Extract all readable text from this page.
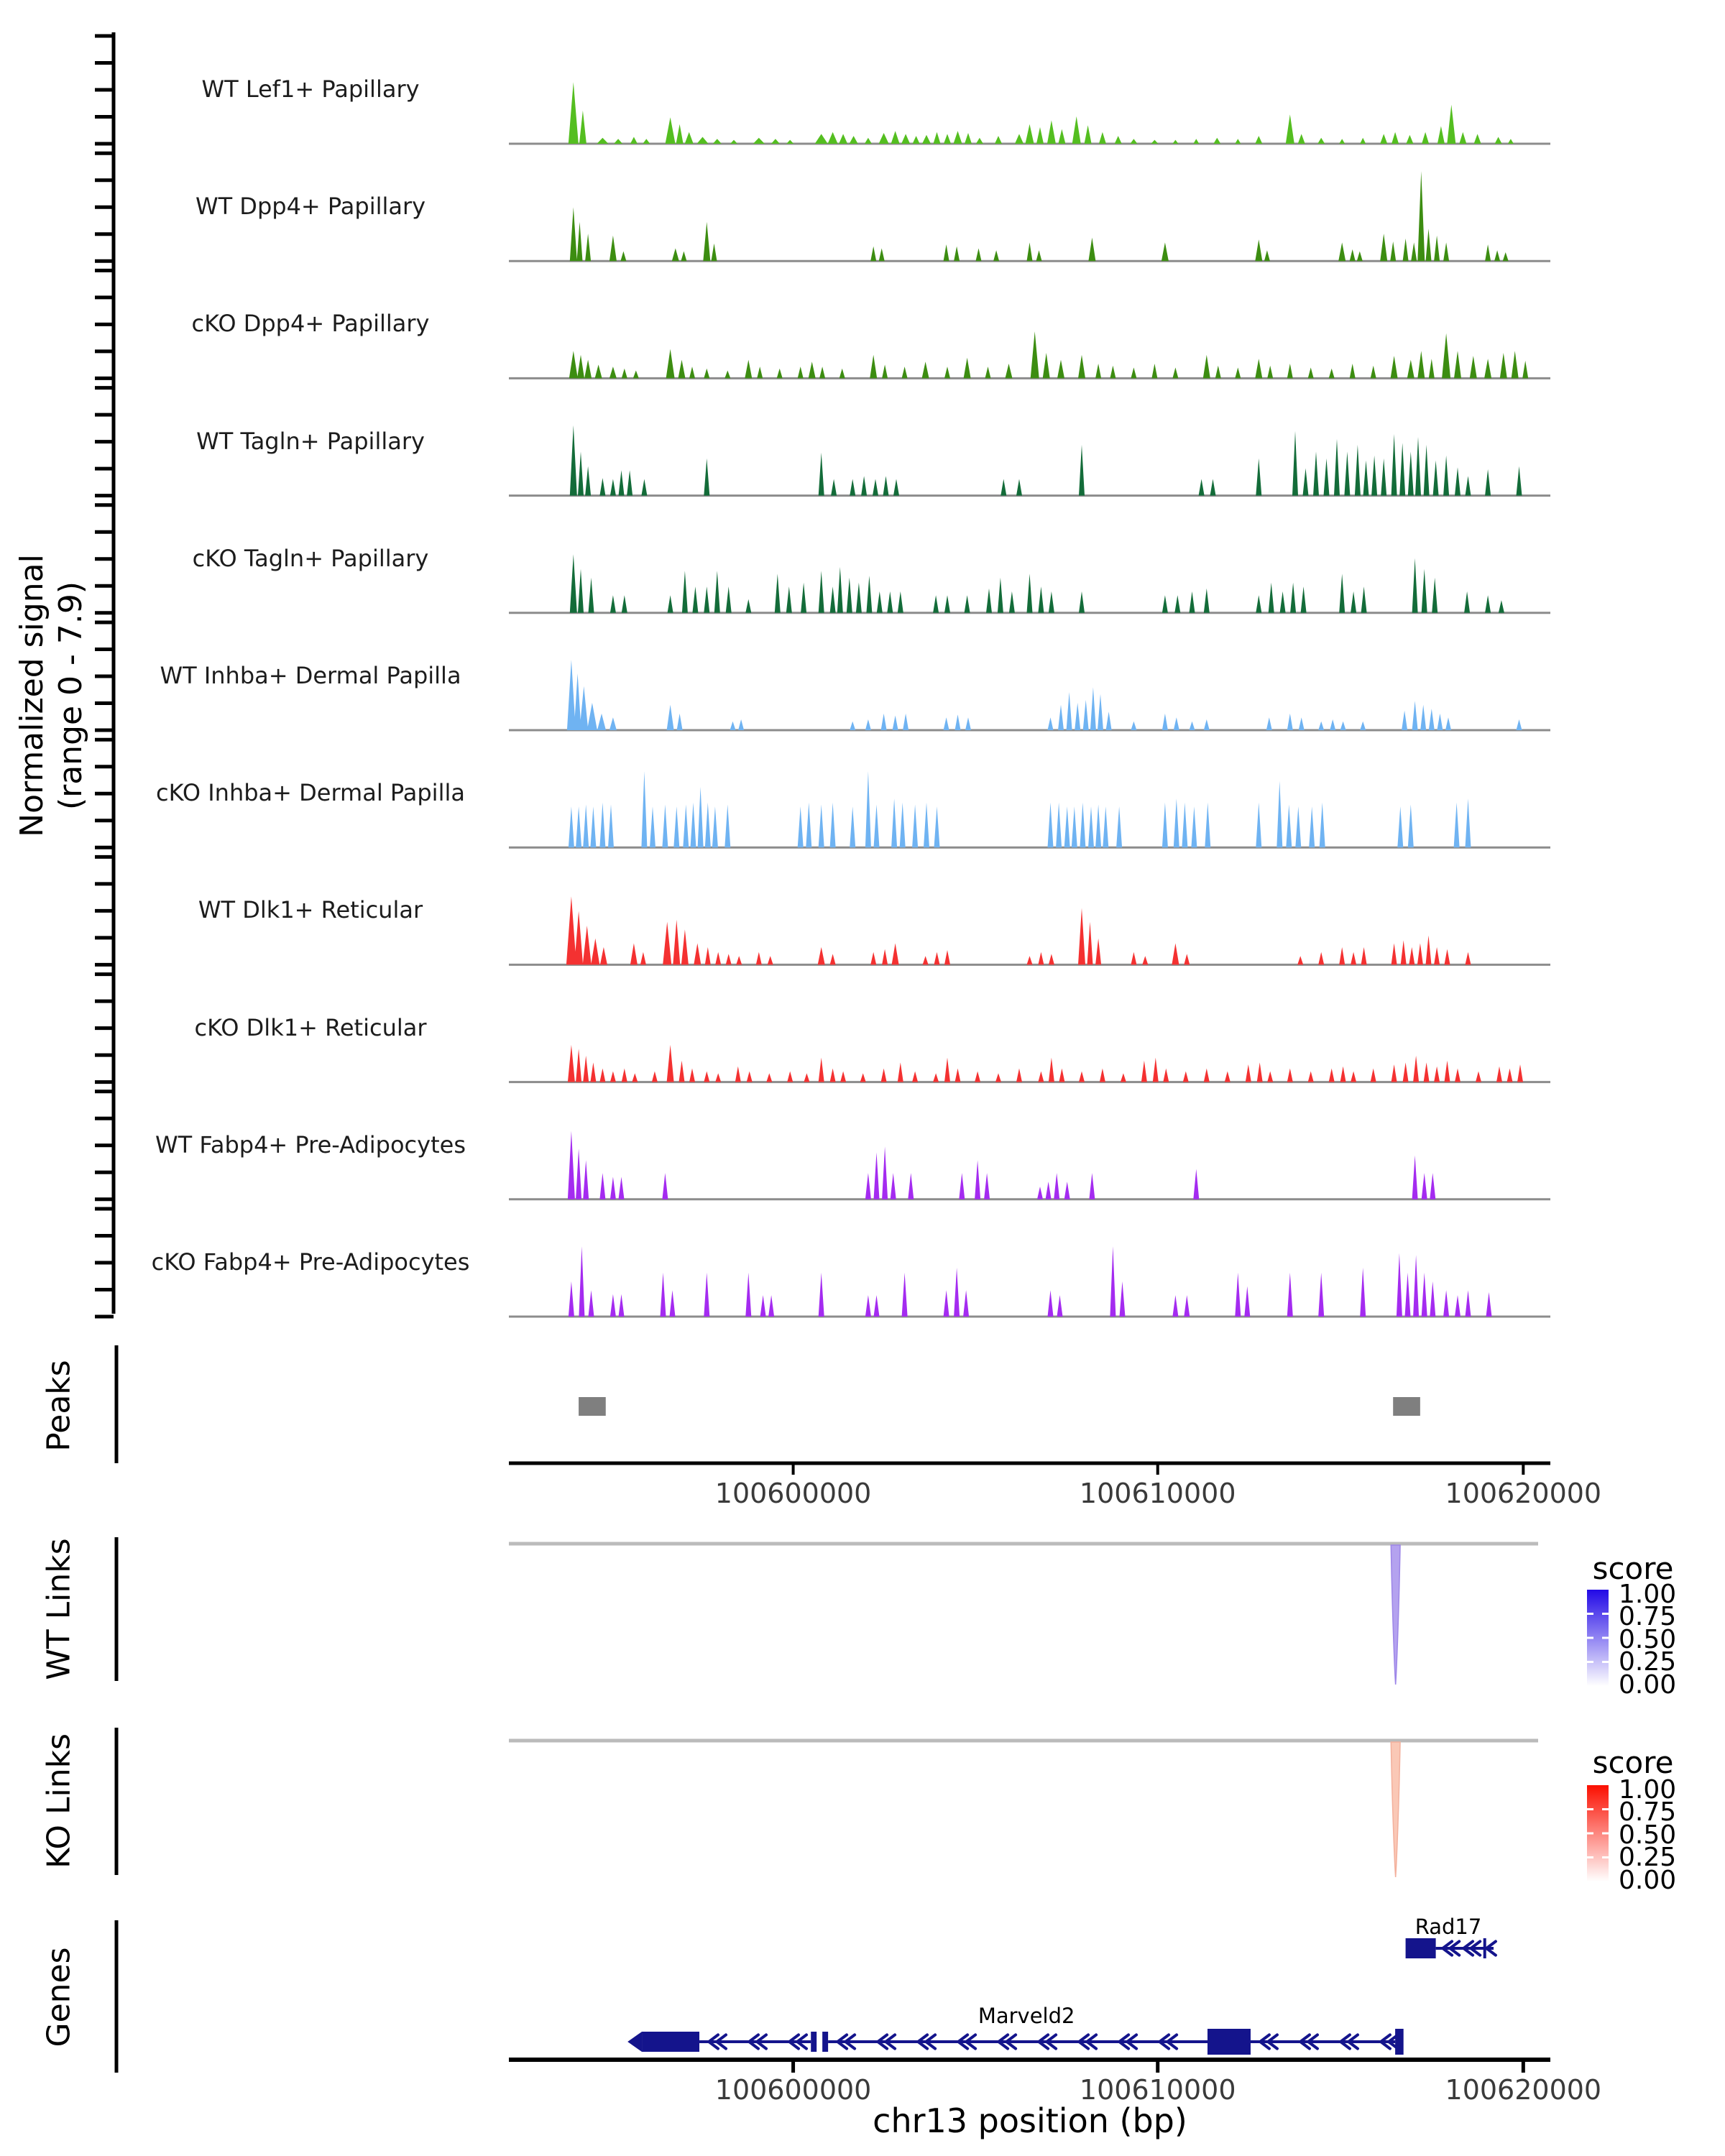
Normalized signal (range 0 - 7.9)
Peaks
WT Links
KO Links
Genes
score
score
chr13 position (bp)
WT Lef1+ Papillary
WT Dpp4+ Papillary
cKO Dpp4+ Papillary
WT Tagln+ Papillary
cKO Tagln+ Papillary
WT Inhba+ Dermal Papilla
cKO Inhba+ Dermal Papilla
WT Dlk1+ Reticular
cKO Dlk1+ Reticular
WT Fabp4+ Pre-Adipocytes
cKO Fabp4+ Pre-Adipocytes
100600000	100610000	100620000
1.00
0.75
0.50
0.25
0.00
1.00
0.75
0.50
0.25
0.00
Rad17
Marveld2
100600000	100610000	100620000
